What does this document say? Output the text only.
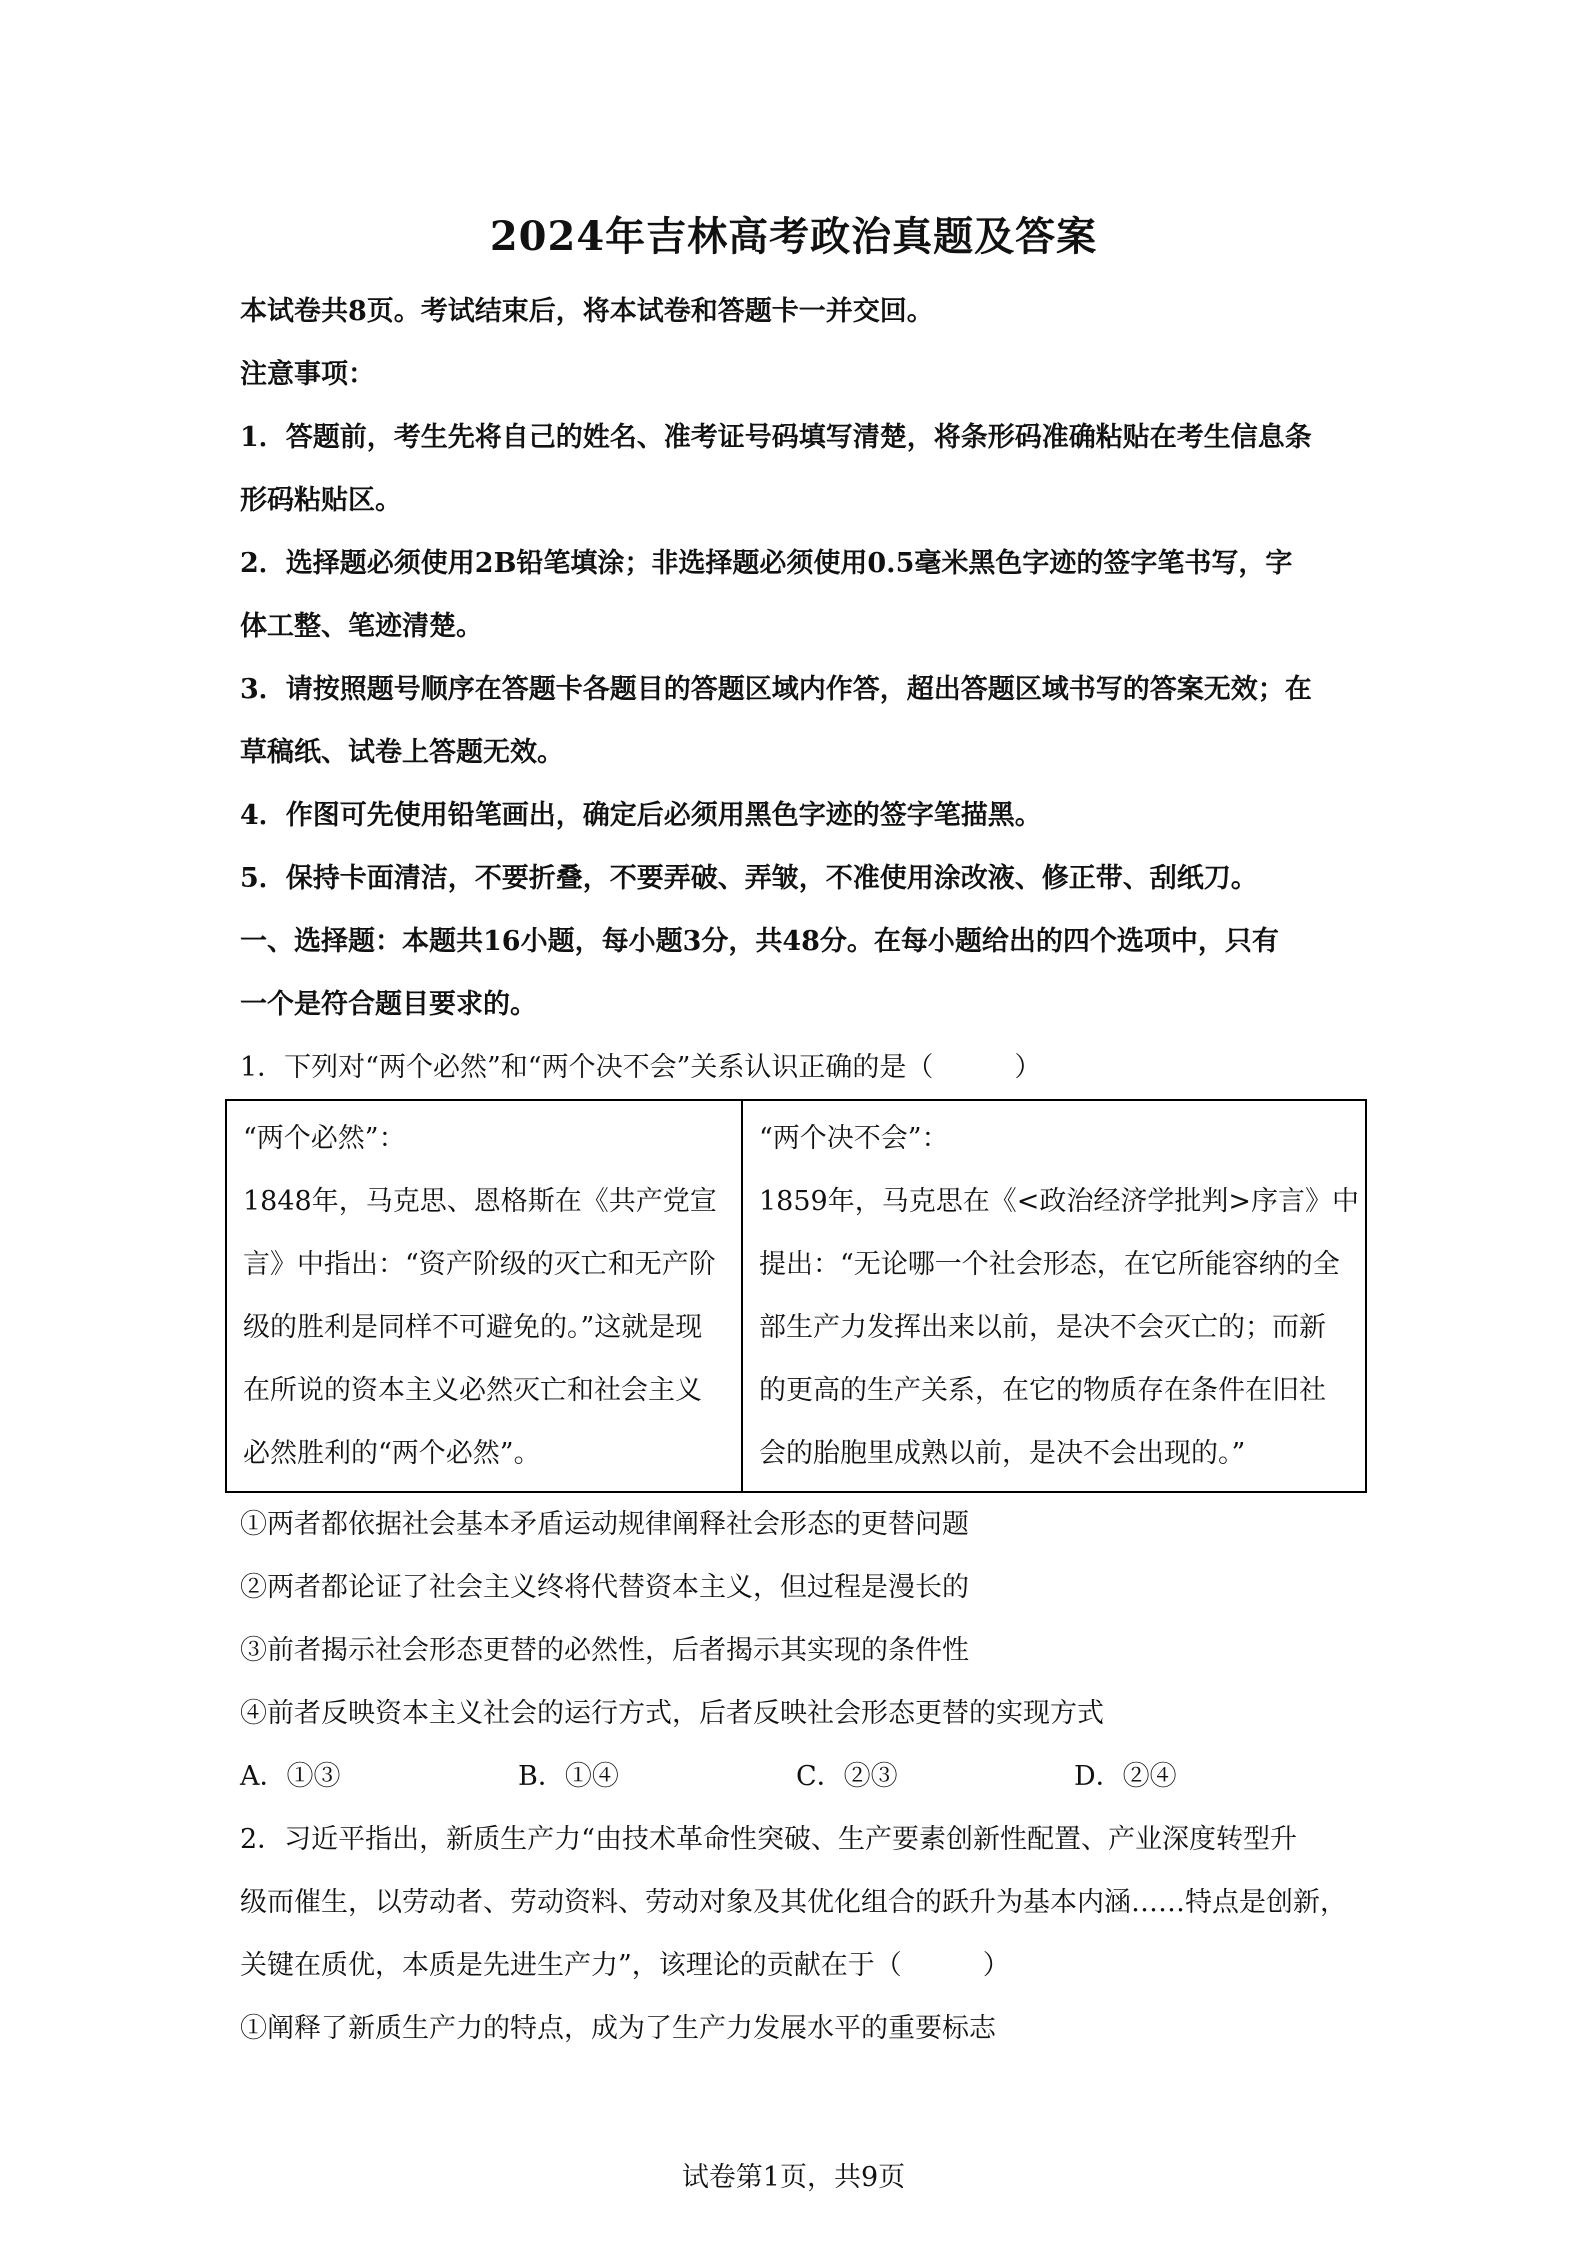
2024年吉林高考政治真题及答案
本试卷共8页。考试结束后，将本试卷和答题卡一并交回。
注意事项：
1．答题前，考生先将自己的姓名、准考证号码填写清楚，将条形码准确粘贴在考生信息条
形码粘贴区。
2．选择题必须使用2B铅笔填涂；非选择题必须使用0.5毫米黑色字迹的签字笔书写，字
体工整、笔迹清楚。
3．请按照题号顺序在答题卡各题目的答题区域内作答，超出答题区域书写的答案无效；在
草稿纸、试卷上答题无效。
4．作图可先使用铅笔画出，确定后必须用黑色字迹的签字笔描黑。
5．保持卡面清洁，不要折叠，不要弄破、弄皱，不准使用涂改液、修正带、刮纸刀。
一、选择题：本题共16小题，每小题3分，共48分。在每小题给出的四个选项中，只有
一个是符合题目要求的。
1．下列对“两个必然”和“两个决不会”关系认识正确的是（　　　）
“两个必然”：
1848年，马克思、恩格斯在《共产党宣
言》中指出：“资产阶级的灭亡和无产阶
级的胜利是同样不可避免的。”这就是现
在所说的资本主义必然灭亡和社会主义
必然胜利的“两个必然”。

“两个决不会”：
1859年，马克思在《<政治经济学批判>序言》中
提出：“无论哪一个社会形态，在它所能容纳的全
部生产力发挥出来以前，是决不会灭亡的；而新
的更高的生产关系，在它的物质存在条件在旧社
会的胎胞里成熟以前，是决不会出现的。”
①两者都依据社会基本矛盾运动规律阐释社会形态的更替问题
②两者都论证了社会主义终将代替资本主义，但过程是漫长的
③前者揭示社会形态更替的必然性，后者揭示其实现的条件性
④前者反映资本主义社会的运行方式，后者反映社会形态更替的实现方式
A．①③	B．①④	C．②③	D．②④
2．习近平指出，新质生产力“由技术革命性突破、生产要素创新性配置、产业深度转型升
级而催生，以劳动者、劳动资料、劳动对象及其优化组合的跃升为基本内涵……特点是创新，
关键在质优，本质是先进生产力”，该理论的贡献在于（　　　）
①阐释了新质生产力的特点，成为了生产力发展水平的重要标志
试卷第1页，共9页
